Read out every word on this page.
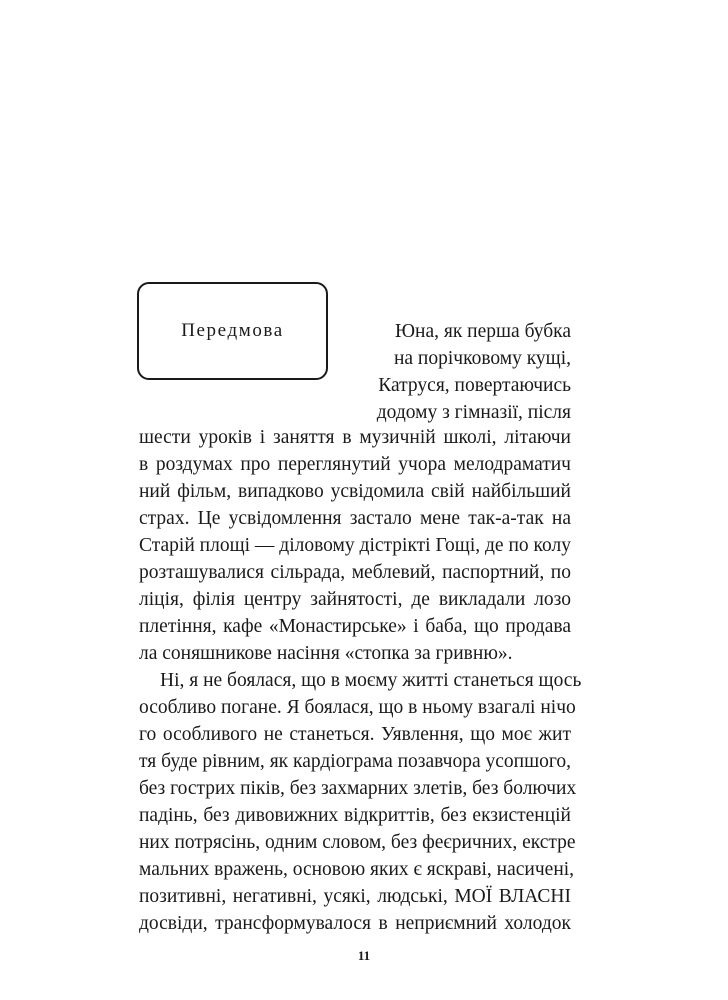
Передмова	Юна, як перша бубка
на порічковому кущі,
Катруся, повертаючись
додому з гімназії, після
шести уроків і заняття в музичній школі, літаючи
в роздумах про переглянутий учора мелодраматич
ний фільм, випадково усвідомила свій найбільший
страх. Це усвідомлення застало мене так-а-так на
Старій площі — діловому дістрікті Гощі, де по колу
розташувалися сільрада, меблевий, паспортний, по
ліція, філія центру зайнятості, де викладали лозо
плетіння, кафе «Монастирське» і баба, що продава
ла соняшникове насіння «стопка за гривню».
Ні, я не боялася, що в моєму житті станеться щось
особливо погане. Я боялася, що в ньому взагалі нічо
го особливого не станеться. Уявлення, що моє жит
тя буде рівним, як кардіограма позавчора усопшого,
без гострих піків, без захмарних злетів, без болючих
падінь, без дивовижних відкриттів, без екзистенцій
них потрясінь, одним словом, без феєричних, екстре
мальних вражень, основою яких є яскраві, насичені,
позитивні, негативні, усякі, людські, МОЇ ВЛАСНІ
досвіди, трансформувалося в неприємний холодок
11
